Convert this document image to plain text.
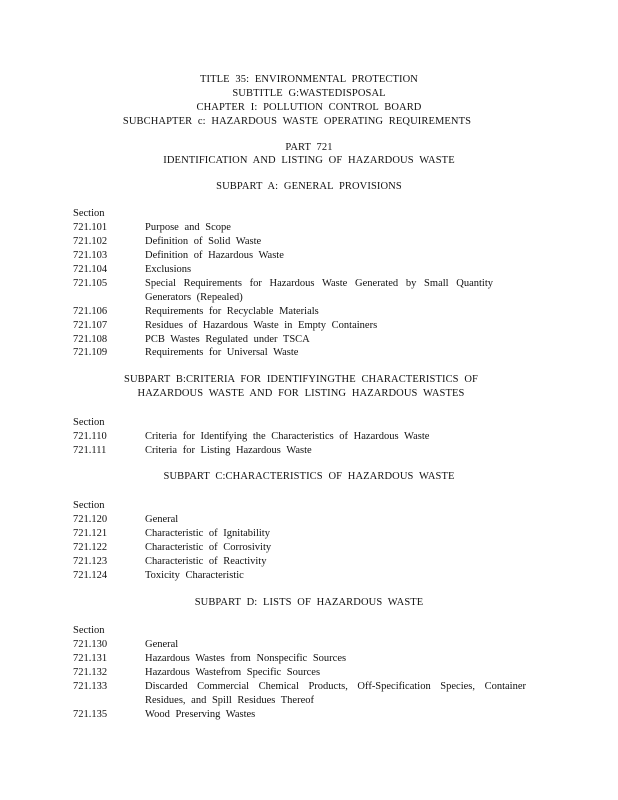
TITLE 35: ENVIRONMENTAL PROTECTION
SUBTITLE G:WASTEDISPOSAL
CHAPTER I: POLLUTION CONTROL BOARD
SUBCHAPTER c: HAZARDOUS WASTE OPERATING REQUIREMENTS
PART 721
IDENTIFICATION AND LISTING OF HAZARDOUS WASTE
SUBPART A: GENERAL PROVISIONS
Section
721.101	Purpose and Scope
721.102	Definition of Solid Waste
721.103	Definition of Hazardous Waste
721.104	Exclusions
721.105	Special Requirements for Hazardous Waste Generated by Small Quantity
Generators (Repealed)
721.106	Requirements for Recyclable Materials
721.107	Residues of Hazardous Waste in Empty Containers
721.108	PCB Wastes Regulated under TSCA
721.109	Requirements for Universal Waste
SUBPART B:CRITERIA FOR IDENTIFYINGTHE CHARACTERISTICS OF
HAZARDOUS WASTE AND FOR LISTING HAZARDOUS WASTES
Section
721.110	Criteria for Identifying the Characteristics of Hazardous Waste
721.111	Criteria for Listing Hazardous Waste
SUBPART C:CHARACTERISTICS OF HAZARDOUS WASTE
Section
721.120	General
721.121	Characteristic of Ignitability
721.122	Characteristic of Corrosivity
721.123	Characteristic of Reactivity
721.124	Toxicity Characteristic
SUBPART D: LISTS OF HAZARDOUS WASTE
Section
721.130	General
721.131	Hazardous Wastes from Nonspecific Sources
721.132	Hazardous Wastefrom Specific Sources
721.133	Discarded Commercial Chemical Products, Off-Specification Species, Container Residues, and Spill Residues Thereof
721.135	Wood Preserving Wastes
